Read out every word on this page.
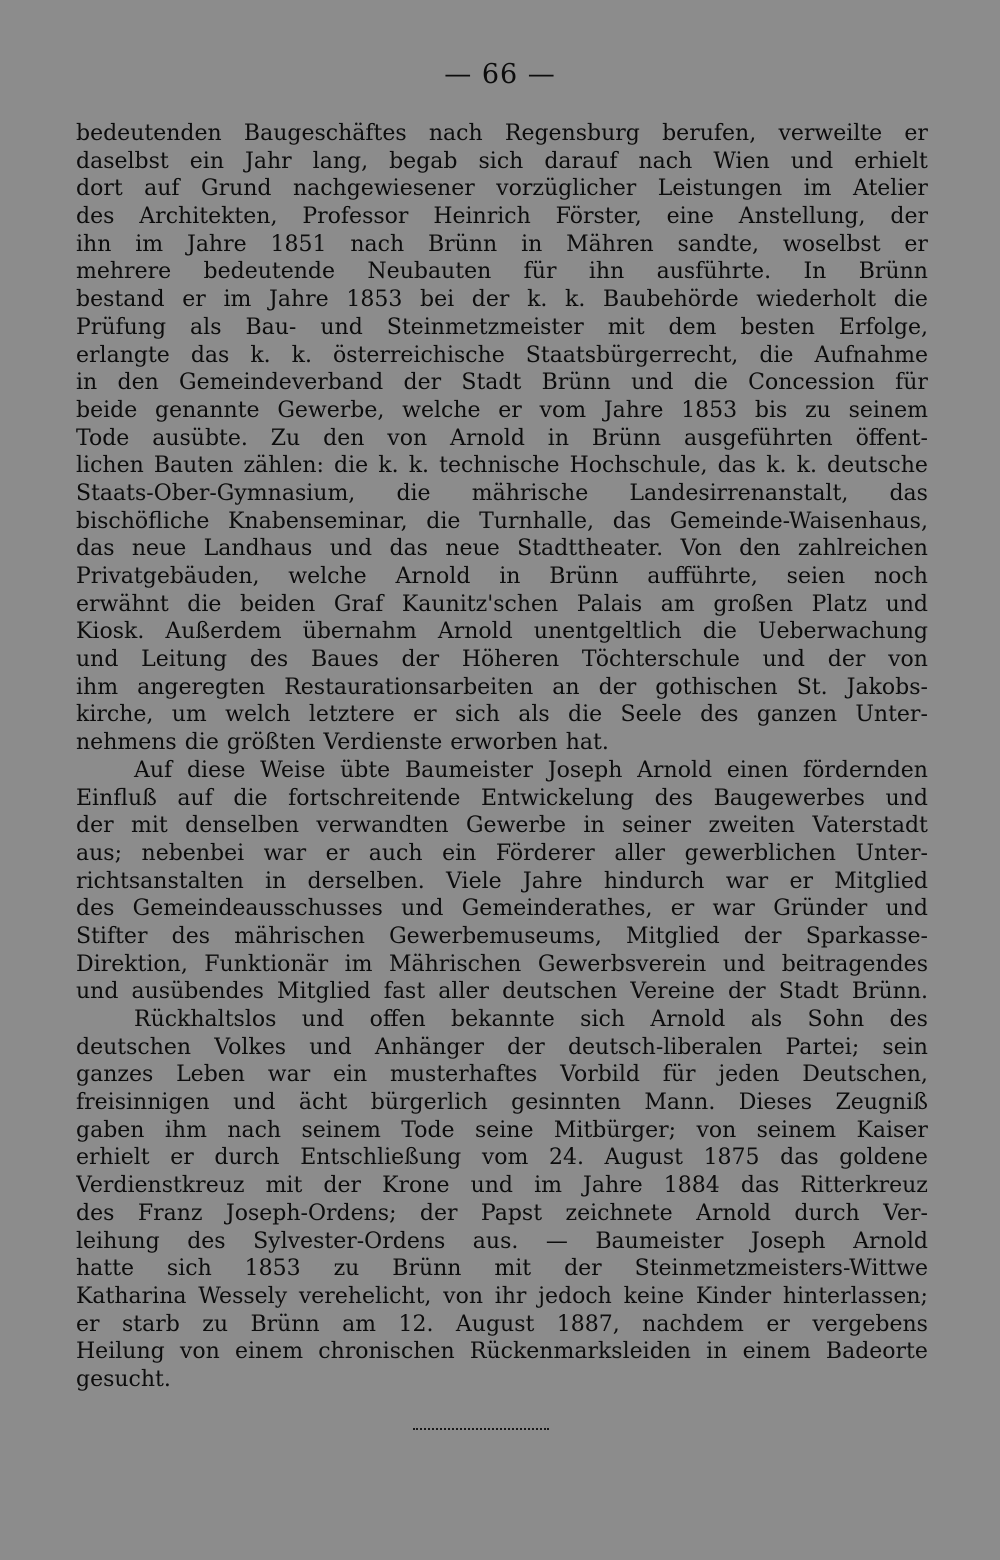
— 66 —
bedeutenden Baugeschäftes nach Regensburg berufen, verweilte er
daselbst ein Jahr lang, begab sich darauf nach Wien und erhielt
dort auf Grund nachgewiesener vorzüglicher Leistungen im Atelier
des Architekten, Professor Heinrich Förster, eine Anstellung, der
ihn im Jahre 1851 nach Brünn in Mähren sandte, woselbst er
mehrere bedeutende Neubauten für ihn ausführte. In Brünn
bestand er im Jahre 1853 bei der k. k. Baubehörde wiederholt die
Prüfung als Bau- und Steinmetzmeister mit dem besten Erfolge,
erlangte das k. k. österreichische Staatsbürgerrecht, die Aufnahme
in den Gemeindeverband der Stadt Brünn und die Concession für
beide genannte Gewerbe, welche er vom Jahre 1853 bis zu seinem
Tode ausübte. Zu den von Arnold in Brünn ausgeführten öffent-
lichen Bauten zählen: die k. k. technische Hochschule, das k. k. deutsche
Staats-Ober-Gymnasium, die mährische Landesirrenanstalt, das
bischöfliche Knabenseminar, die Turnhalle, das Gemeinde-Waisenhaus,
das neue Landhaus und das neue Stadttheater. Von den zahlreichen
Privatgebäuden, welche Arnold in Brünn aufführte, seien noch
erwähnt die beiden Graf Kaunitz'schen Palais am großen Platz und
Kiosk. Außerdem übernahm Arnold unentgeltlich die Ueberwachung
und Leitung des Baues der Höheren Töchterschule und der von
ihm angeregten Restaurationsarbeiten an der gothischen St. Jakobs-
kirche, um welch letztere er sich als die Seele des ganzen Unter-
nehmens die größten Verdienste erworben hat.
Auf diese Weise übte Baumeister Joseph Arnold einen fördernden
Einfluß auf die fortschreitende Entwickelung des Baugewerbes und
der mit denselben verwandten Gewerbe in seiner zweiten Vaterstadt
aus; nebenbei war er auch ein Förderer aller gewerblichen Unter-
richtsanstalten in derselben. Viele Jahre hindurch war er Mitglied
des Gemeindeausschusses und Gemeinderathes, er war Gründer und
Stifter des mährischen Gewerbemuseums, Mitglied der Sparkasse-
Direktion, Funktionär im Mährischen Gewerbsverein und beitragendes
und ausübendes Mitglied fast aller deutschen Vereine der Stadt Brünn.
Rückhaltslos und offen bekannte sich Arnold als Sohn des
deutschen Volkes und Anhänger der deutsch-liberalen Partei; sein
ganzes Leben war ein musterhaftes Vorbild für jeden Deutschen,
freisinnigen und ächt bürgerlich gesinnten Mann. Dieses Zeugniß
gaben ihm nach seinem Tode seine Mitbürger; von seinem Kaiser
erhielt er durch Entschließung vom 24. August 1875 das goldene
Verdienstkreuz mit der Krone und im Jahre 1884 das Ritterkreuz
des Franz Joseph-Ordens; der Papst zeichnete Arnold durch Ver-
leihung des Sylvester-Ordens aus. — Baumeister Joseph Arnold
hatte sich 1853 zu Brünn mit der Steinmetzmeisters-Wittwe
Katharina Wessely verehelicht, von ihr jedoch keine Kinder hinterlassen;
er starb zu Brünn am 12. August 1887, nachdem er vergebens
Heilung von einem chronischen Rückenmarksleiden in einem Badeorte
gesucht.
